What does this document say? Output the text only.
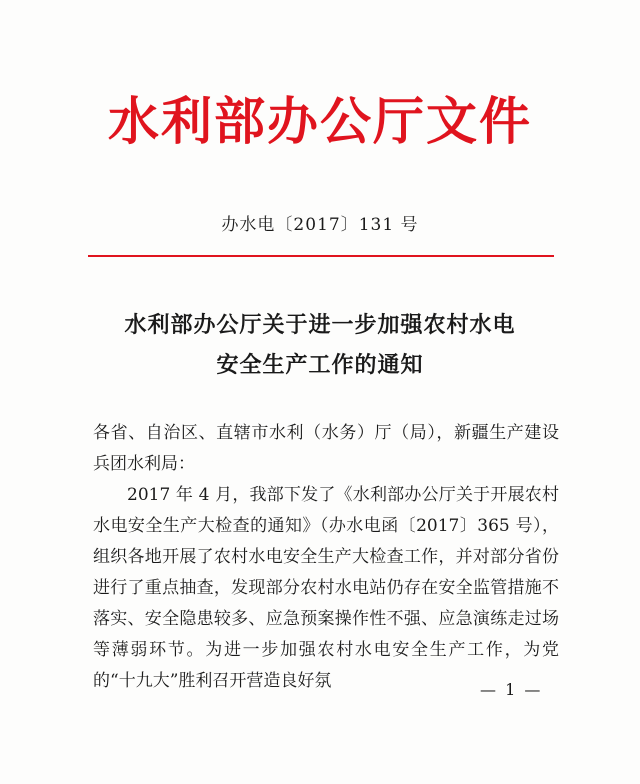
水利部办公厅文件
办水电〔2017〕131 号
水利部办公厅关于进一步加强农村水电
安全生产工作的通知

各省、自治区、直辖市水利（水务）厅（局），新疆生产建设兵团水利局：

2017 年 4 月，我部下发了《水利部办公厅关于开展农村水电安全生产大检查的通知》（办水电函〔2017〕365 号），组织各地开展了农村水电安全生产大检查工作，并对部分省份进行了重点抽查，发现部分农村水电站仍存在安全监管措施不落实、安全隐患较多、应急预案操作性不强、应急演练走过场等薄弱环节。为进一步加强农村水电安全生产工作，为党的“十九大”胜利召开营造良好氛	— 1 —
